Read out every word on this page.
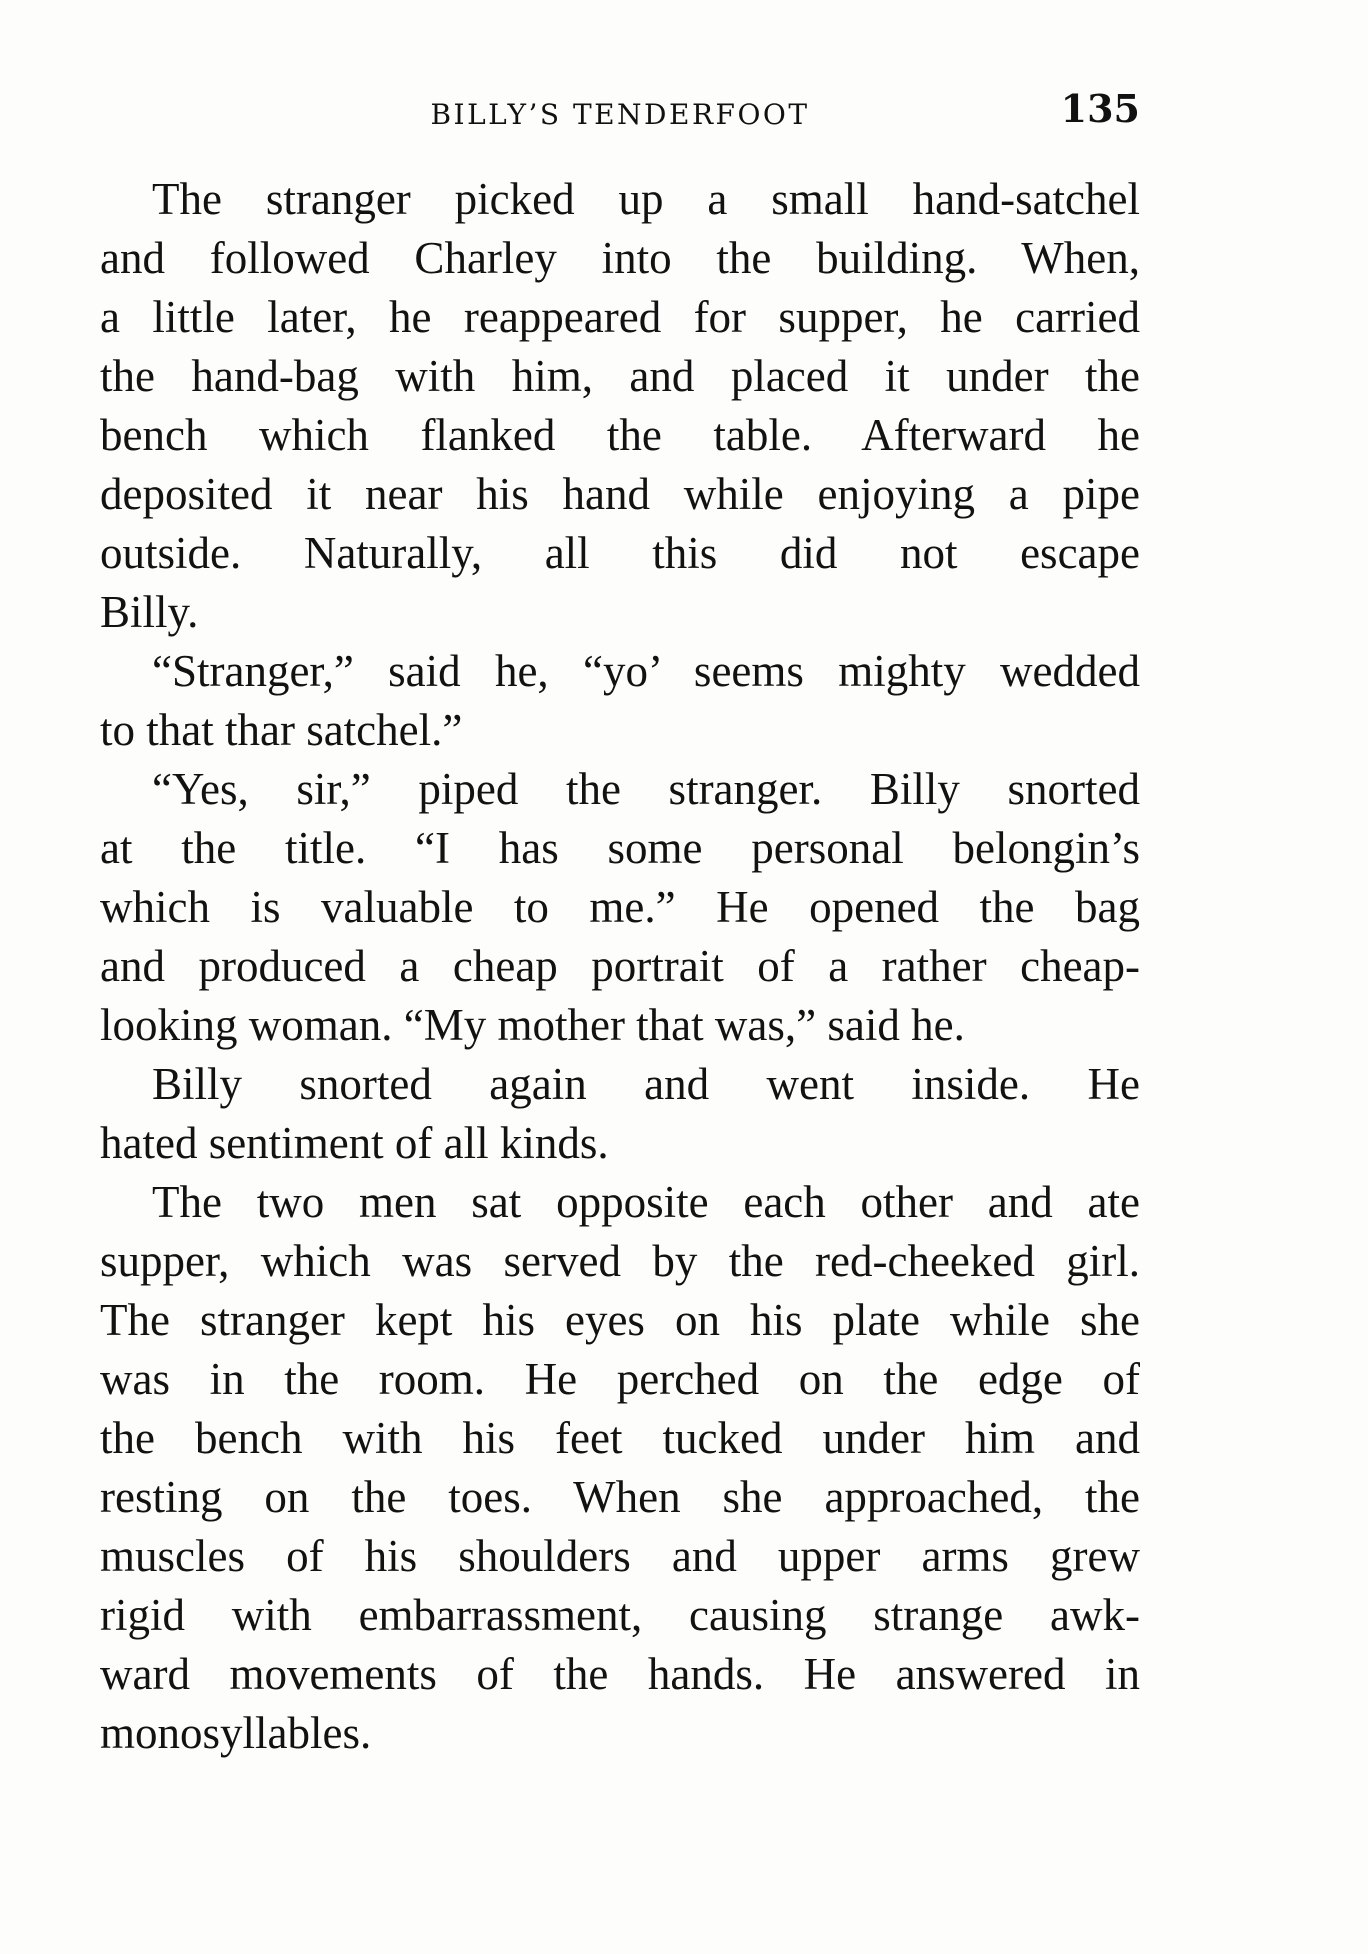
BILLY’S TENDERFOOT	135
The stranger picked up a small hand-satchel
and followed Charley into the building. When,
a little later, he reappeared for supper, he carried
the hand-bag with him, and placed it under the
bench which flanked the table. Afterward he
deposited it near his hand while enjoying a pipe
outside. Naturally, all this did not escape
Billy.
“Stranger,” said he, “yo’ seems mighty wedded
to that thar satchel.”
“Yes, sir,” piped the stranger. Billy snorted
at the title. “I has some personal belongin’s
which is valuable to me.” He opened the bag
and produced a cheap portrait of a rather cheap-
looking woman. “My mother that was,” said he.
Billy snorted again and went inside. He
hated sentiment of all kinds.
The two men sat opposite each other and ate
supper, which was served by the red-cheeked girl.
The stranger kept his eyes on his plate while she
was in the room. He perched on the edge of
the bench with his feet tucked under him and
resting on the toes. When she approached, the
muscles of his shoulders and upper arms grew
rigid with embarrassment, causing strange awk-
ward movements of the hands. He answered in
monosyllables.
